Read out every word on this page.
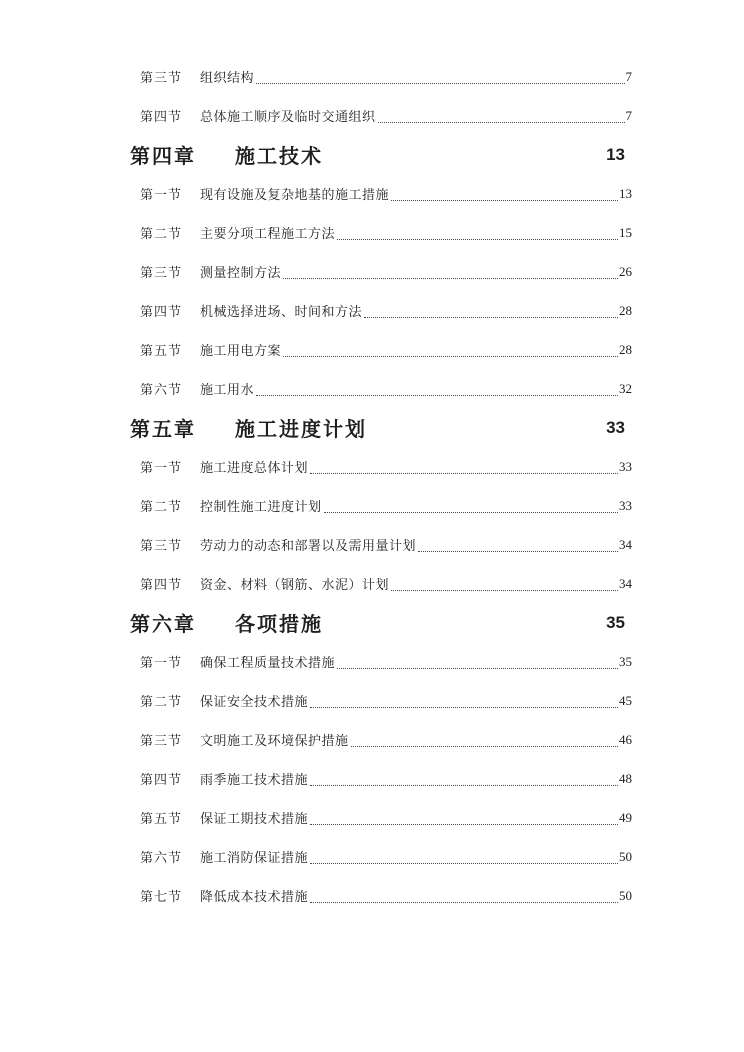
第三节	组织结构	7
第四节	总体施工顺序及临时交通组织	7
第四章	施工技术	13
第一节	现有设施及复杂地基的施工措施	13
第二节	主要分项工程施工方法	15
第三节	测量控制方法	26
第四节	机械选择进场、时间和方法	28
第五节	施工用电方案	28
第六节	施工用水	32
第五章	施工进度计划	33
第一节	施工进度总体计划	33
第二节	控制性施工进度计划	33
第三节	劳动力的动态和部署以及需用量计划	34
第四节	资金、材料（钢筋、水泥）计划	34
第六章	各项措施	35
第一节	确保工程质量技术措施	35
第二节	保证安全技术措施	45
第三节	文明施工及环境保护措施	46
第四节	雨季施工技术措施	48
第五节	保证工期技术措施	49
第六节	施工消防保证措施	50
第七节	降低成本技术措施	50
